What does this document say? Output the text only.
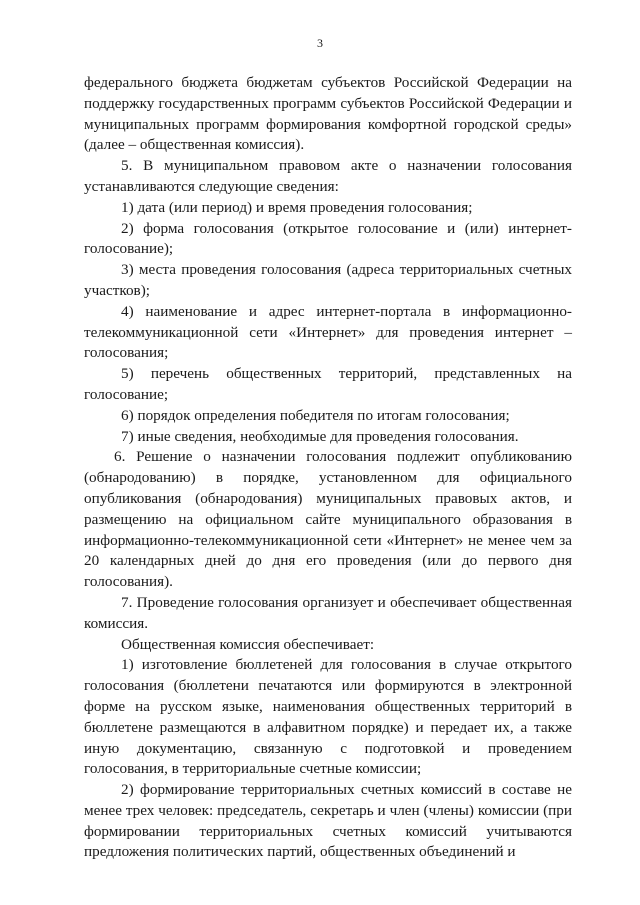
3

федерального бюджета бюджетам субъектов Российской Федерации на поддержку государственных программ субъектов Российской Федерации и муниципальных программ формирования комфортной городской среды» (далее – общественная комиссия).

5. В муниципальном правовом акте о назначении голосования устанавливаются следующие сведения:

1) дата (или период) и время проведения голосования;

2) форма голосования (открытое голосование и (или) интернет-голосование);

3) места проведения голосования (адреса территориальных счетных участков);

4) наименование и адрес интернет-портала в информационно-телекоммуникационной сети «Интернет» для проведения интернет – голосования;

5) перечень общественных территорий, представленных на голосование;

6) порядок определения победителя по итогам голосования;

7) иные сведения, необходимые для проведения голосования.

6. Решение о назначении голосования подлежит опубликованию (обнародованию) в порядке, установленном для официального опубликования (обнародования) муниципальных правовых актов, и размещению на официальном сайте муниципального образования в информационно-телекоммуникационной сети «Интернет» не менее чем за 20 календарных дней до дня его проведения (или до первого дня голосования).

7. Проведение голосования организует и обеспечивает общественная комиссия.

Общественная комиссия обеспечивает:

1) изготовление бюллетеней для голосования в случае открытого голосования (бюллетени печатаются или формируются в электронной форме на русском языке, наименования общественных территорий в бюллетене размещаются в алфавитном порядке) и передает их, а также иную документацию, связанную с подготовкой и проведением голосования, в территориальные счетные комиссии;

2) формирование территориальных счетных комиссий в составе не менее трех человек: председатель, секретарь и член (члены) комиссии (при формировании территориальных счетных комиссий учитываются предложения политических партий, общественных объединений и
